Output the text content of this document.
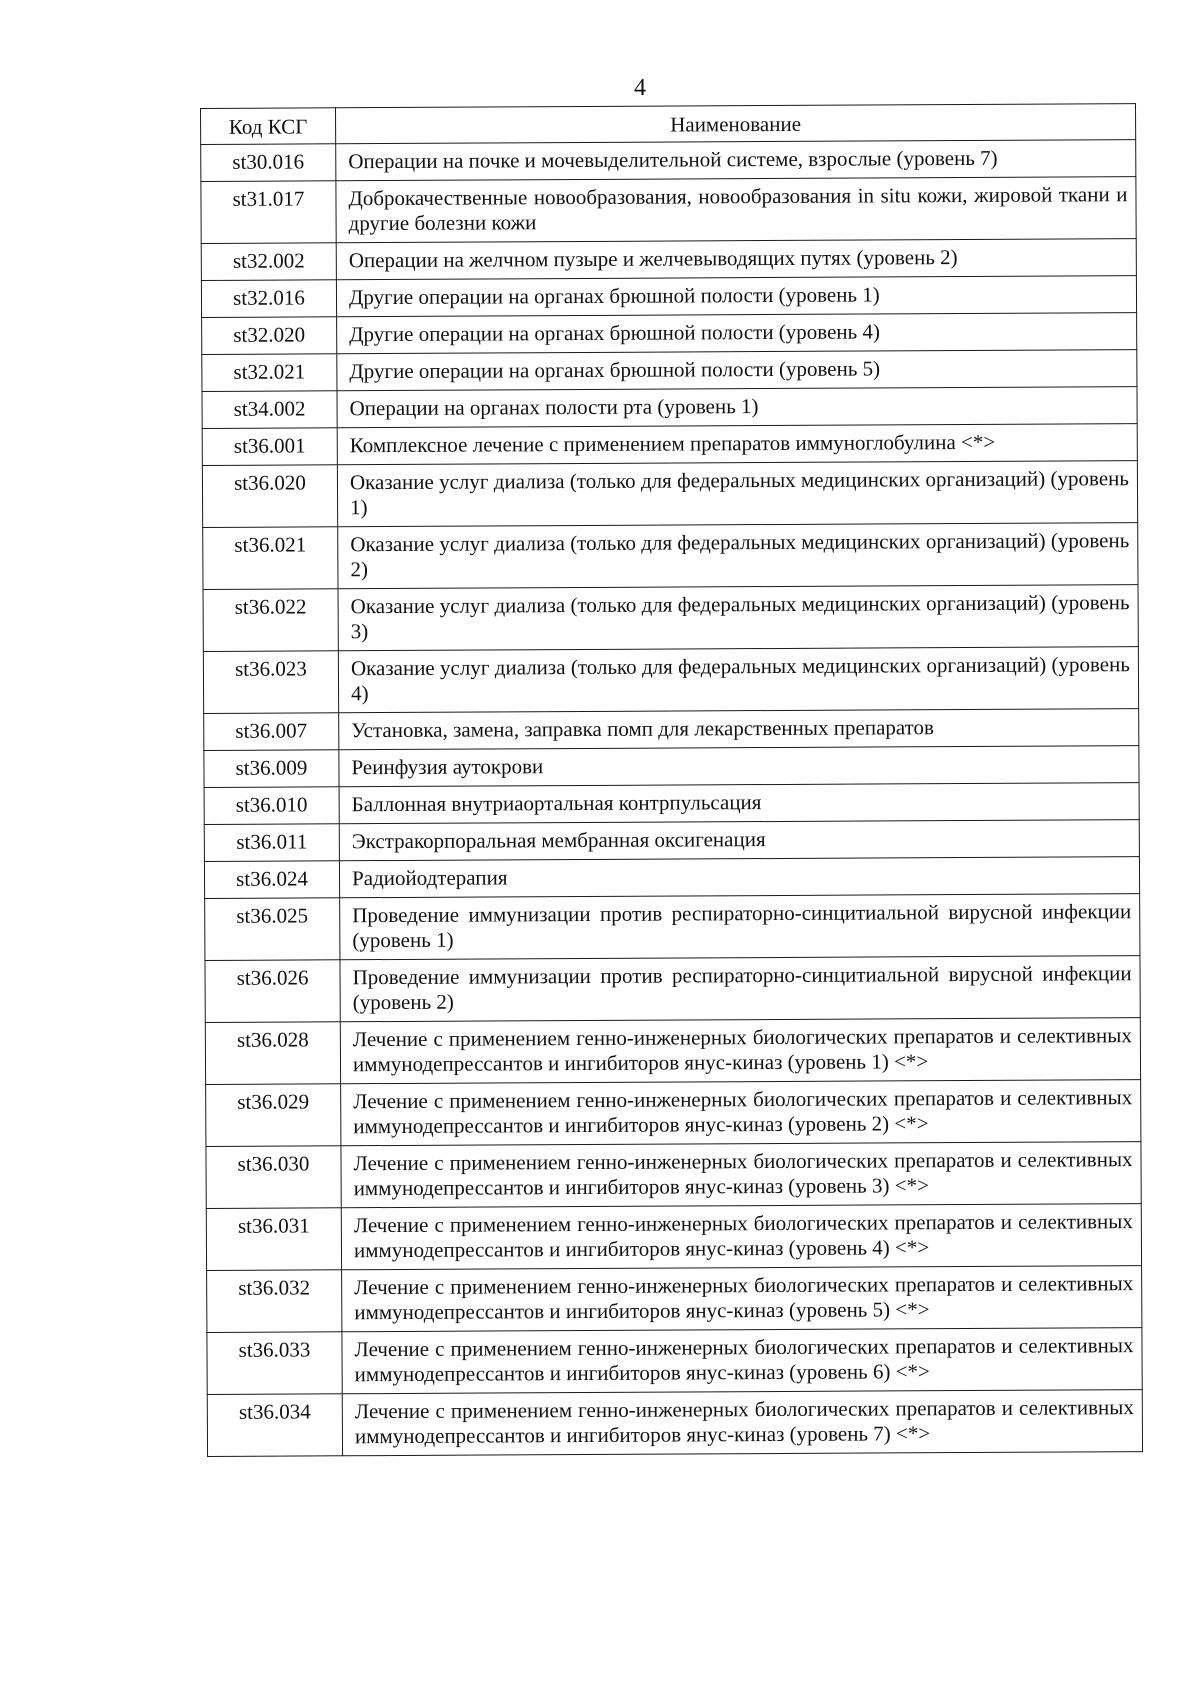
4
Код КСГ	Наименование
st30.016	Операции на почке и мочевыделительной системе, взрослые (уровень 7)
st31.017	Доброкачественные новообразования, новообразования in situ кожи, жировой ткани и другие болезни кожи
st32.002	Операции на желчном пузыре и желчевыводящих путях (уровень 2)
st32.016	Другие операции на органах брюшной полости (уровень 1)
st32.020	Другие операции на органах брюшной полости (уровень 4)
st32.021	Другие операции на органах брюшной полости (уровень 5)
st34.002	Операции на органах полости рта (уровень 1)
st36.001	Комплексное лечение с применением препаратов иммуноглобулина <*>
st36.020	Оказание услуг диализа (только для федеральных медицинских организаций) (уровень 1)
st36.021	Оказание услуг диализа (только для федеральных медицинских организаций) (уровень 2)
st36.022	Оказание услуг диализа (только для федеральных медицинских организаций) (уровень 3)
st36.023	Оказание услуг диализа (только для федеральных медицинских организаций) (уровень 4)
st36.007	Установка, замена, заправка помп для лекарственных препаратов
st36.009	Реинфузия аутокрови
st36.010	Баллонная внутриаортальная контрпульсация
st36.011	Экстракорпоральная мембранная оксигенация
st36.024	Радиойодтерапия
st36.025	Проведение иммунизации против респираторно-синцитиальной вирусной инфекции (уровень 1)
st36.026	Проведение иммунизации против респираторно-синцитиальной вирусной инфекции (уровень 2)
st36.028	Лечение с применением генно-инженерных биологических препаратов и селективных иммунодепрессантов и ингибиторов янус-киназ (уровень 1) <*>
st36.029	Лечение с применением генно-инженерных биологических препаратов и селективных иммунодепрессантов и ингибиторов янус-киназ (уровень 2) <*>
st36.030	Лечение с применением генно-инженерных биологических препаратов и селективных иммунодепрессантов и ингибиторов янус-киназ (уровень 3) <*>
st36.031	Лечение с применением генно-инженерных биологических препаратов и селективных иммунодепрессантов и ингибиторов янус-киназ (уровень 4) <*>
st36.032	Лечение с применением генно-инженерных биологических препаратов и селективных иммунодепрессантов и ингибиторов янус-киназ (уровень 5) <*>
st36.033	Лечение с применением генно-инженерных биологических препаратов и селективных иммунодепрессантов и ингибиторов янус-киназ (уровень 6) <*>
st36.034	Лечение с применением генно-инженерных биологических препаратов и селективных иммунодепрессантов и ингибиторов янус-киназ (уровень 7) <*>
